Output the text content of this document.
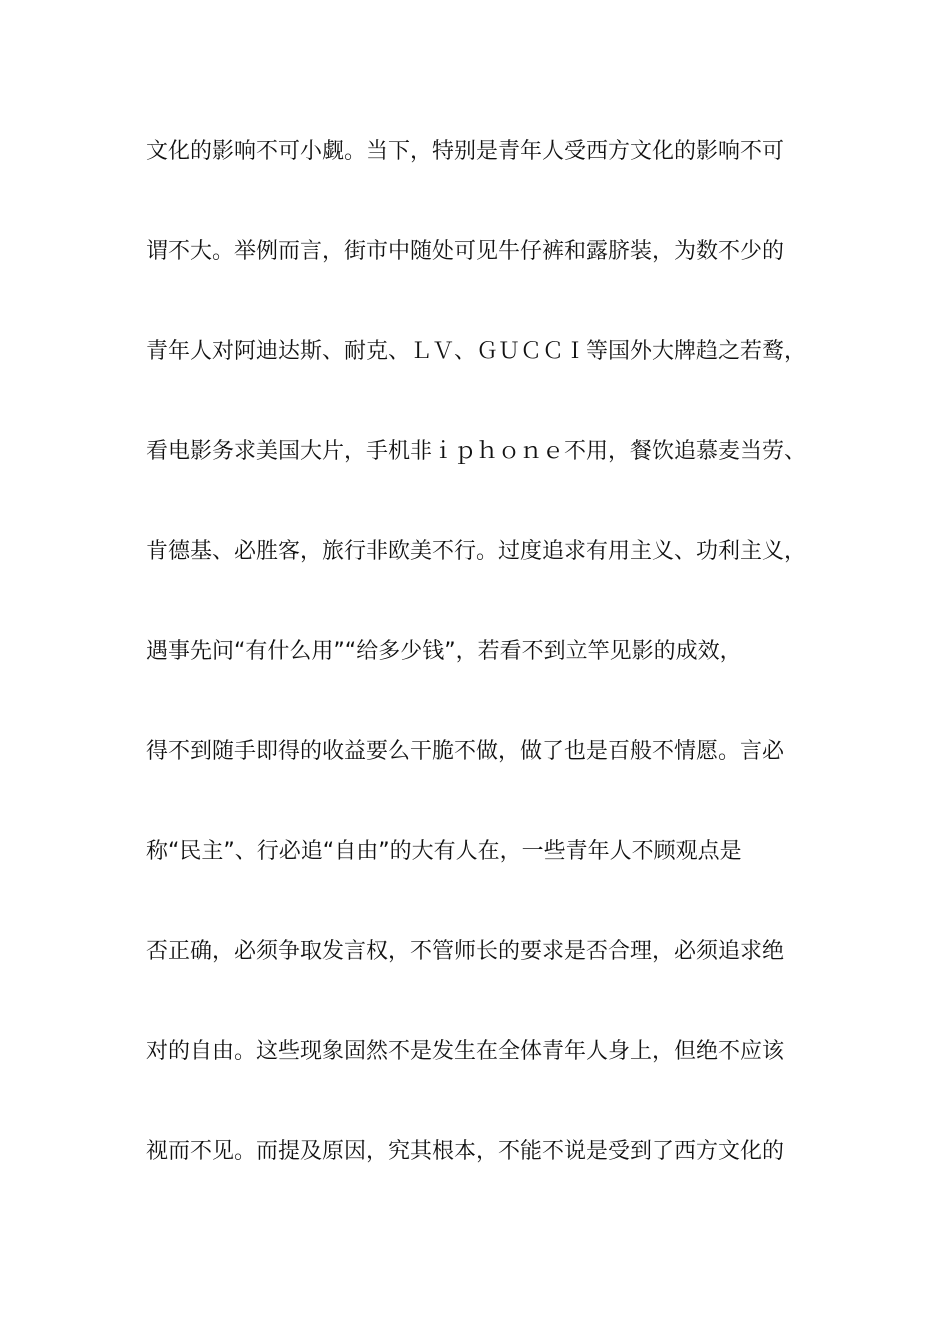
文化的影响不可小觑。当下，特别是青年人受西方文化的影响不可
谓不大。举例而言，街市中随处可见牛仔裤和露脐装，为数不少的
青年人对阿迪达斯、耐克、ＬＶ、ＧＵＣＣＩ等国外大牌趋之若鹜，
看电影务求美国大片，手机非ｉｐｈｏｎｅ不用，餐饮追慕麦当劳、
肯德基、必胜客，旅行非欧美不行。过度追求有用主义、功利主义，
遇事先问“有什么用”“给多少钱”，若看不到立竿见影的成效，
得不到随手即得的收益要么干脆不做，做了也是百般不情愿。言必
称“民主”、行必追“自由”的大有人在，一些青年人不顾观点是
否正确，必须争取发言权，不管师长的要求是否合理，必须追求绝
对的自由。这些现象固然不是发生在全体青年人身上，但绝不应该
视而不见。而提及原因，究其根本，不能不说是受到了西方文化的
